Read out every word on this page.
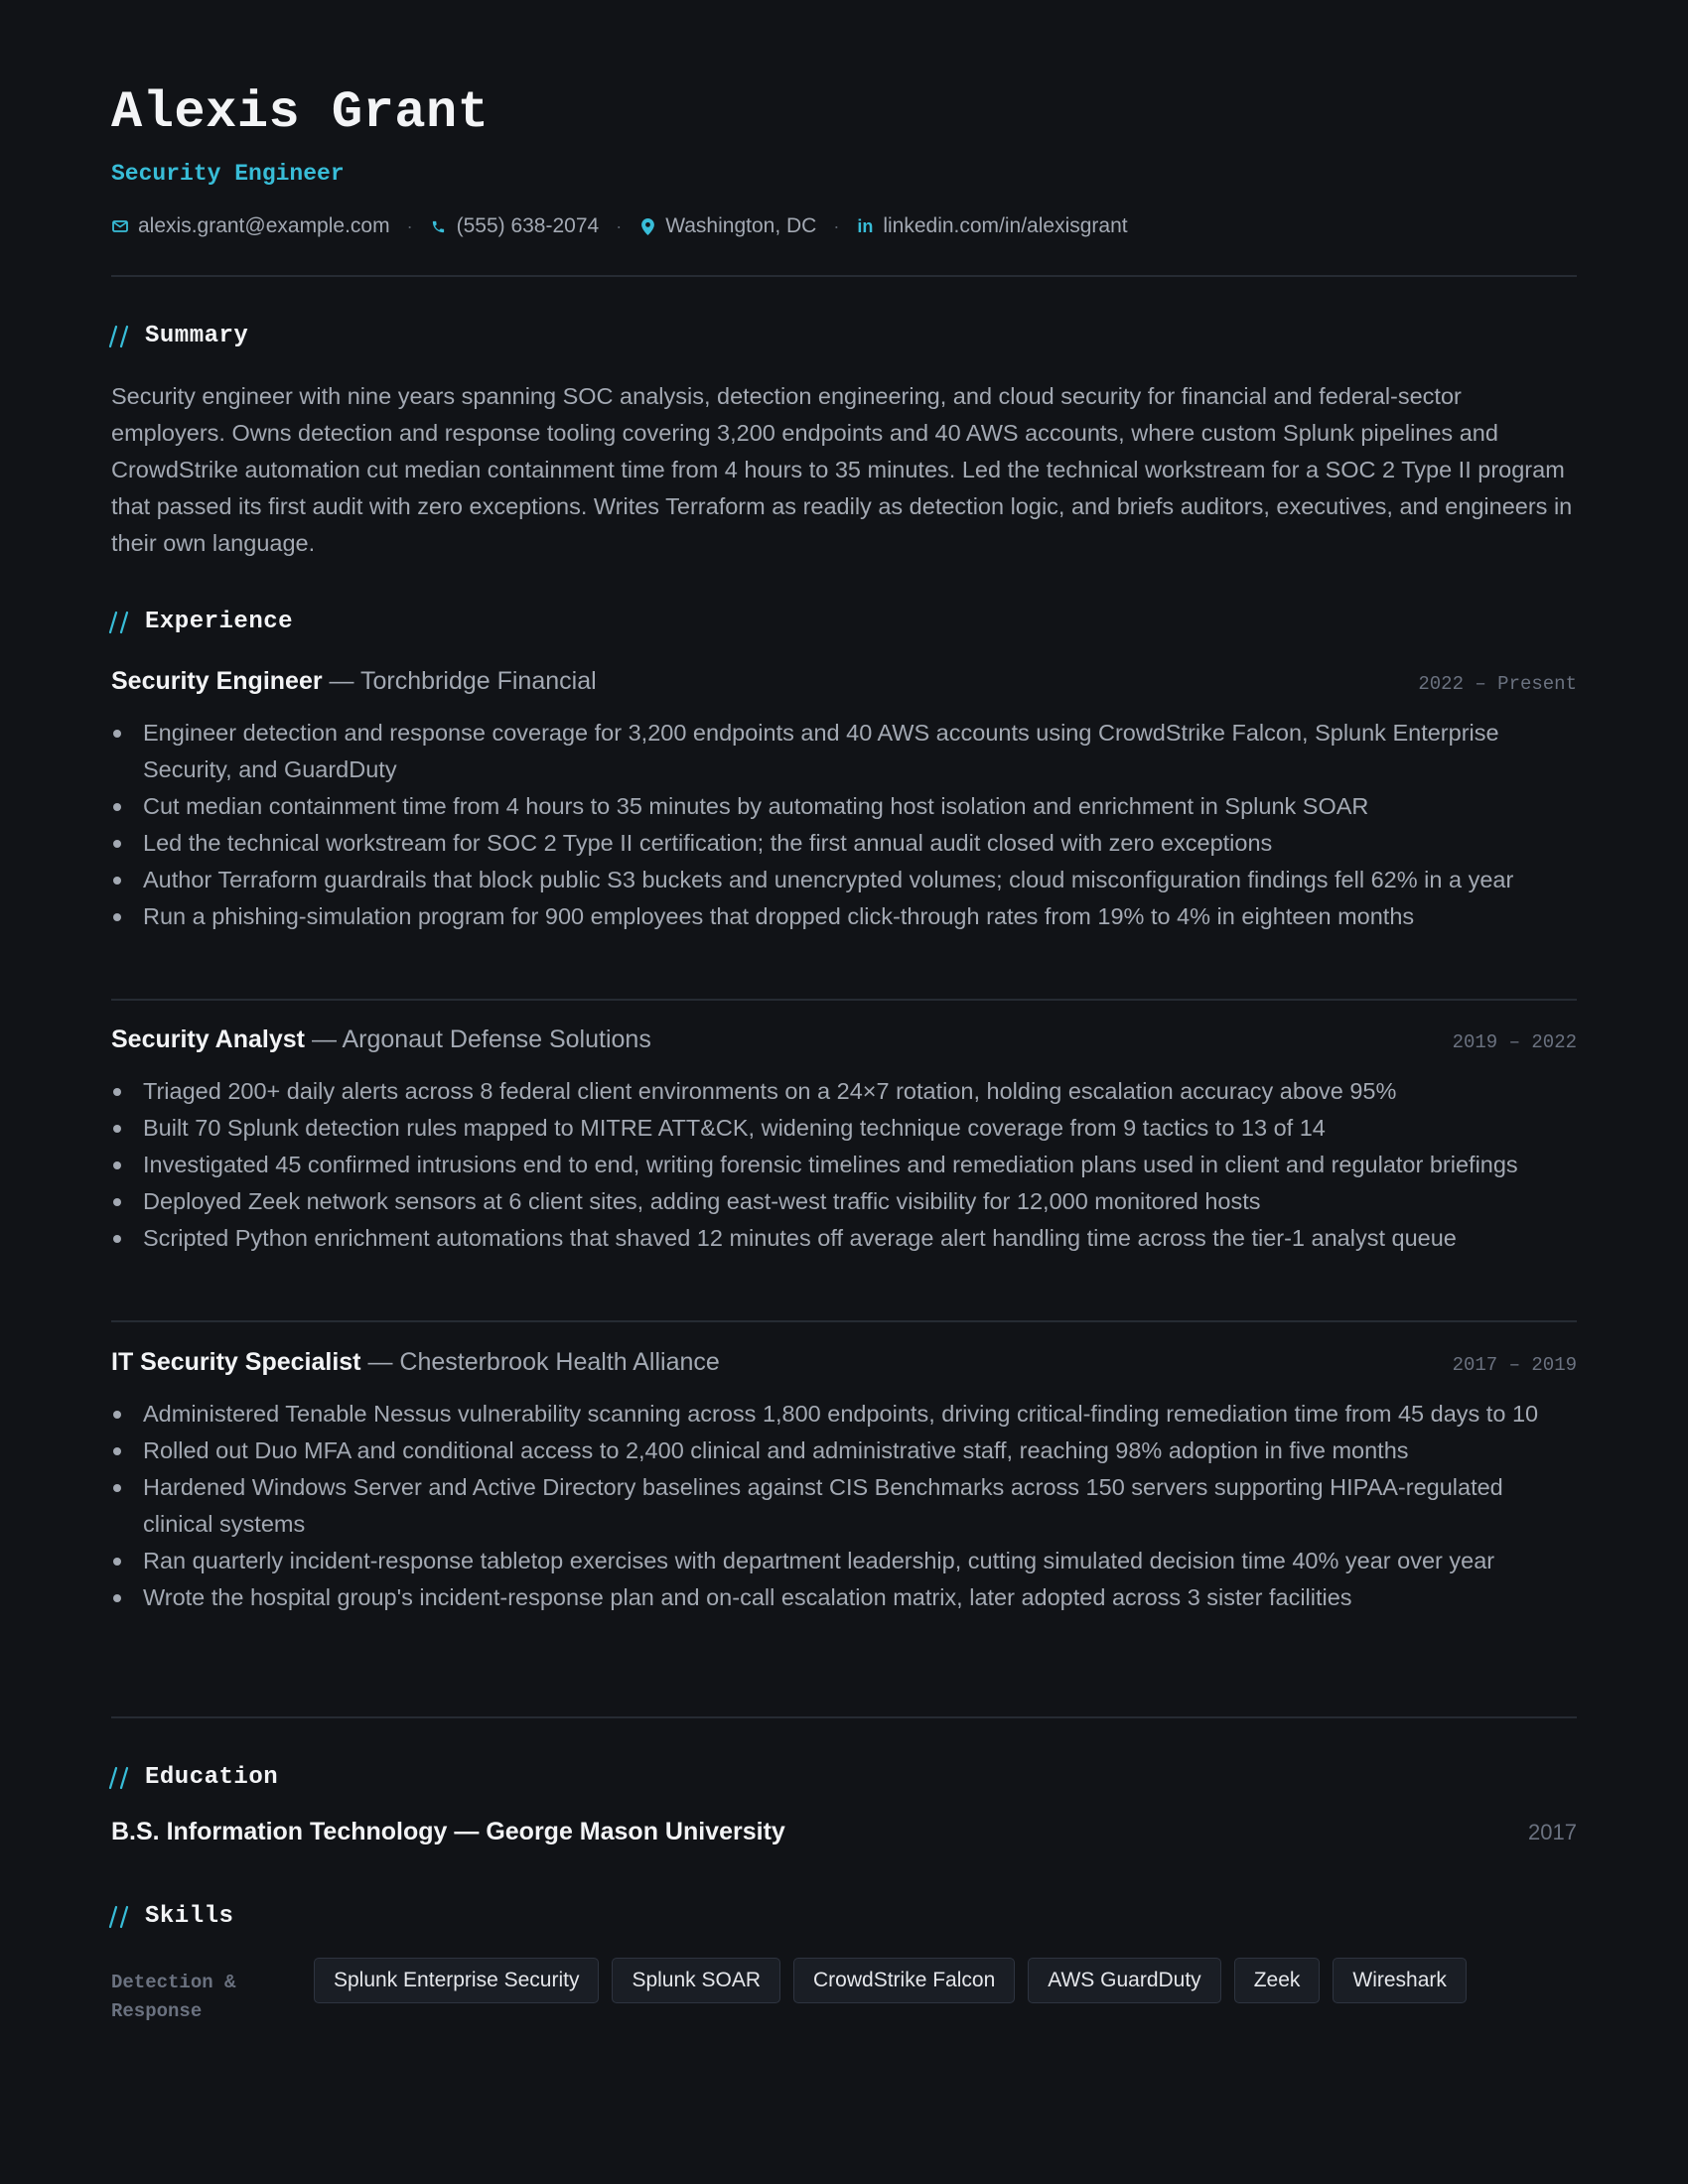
Alexis Grant
Security Engineer
alexis.grant@example.com · (555) 638-2074 · Washington, DC · in linkedin.com/in/alexisgrant
Summary

Security engineer with nine years spanning SOC analysis, detection engineering, and cloud security for financial and federal-sector employers. Owns detection and response tooling covering 3,200 endpoints and 40 AWS accounts, where custom Splunk pipelines and CrowdStrike automation cut median containment time from 4 hours to 35 minutes. Led the technical workstream for a SOC 2 Type II program that passed its first audit with zero exceptions. Writes Terraform as readily as detection logic, and briefs auditors, executives, and engineers in their own language.

Experience
Security Engineer — Torchbridge Financial	2022 – Present
Engineer detection and response coverage for 3,200 endpoints and 40 AWS accounts using CrowdStrike Falcon, Splunk Enterprise Security, and GuardDuty
Cut median containment time from 4 hours to 35 minutes by automating host isolation and enrichment in Splunk SOAR
Led the technical workstream for SOC 2 Type II certification; the first annual audit closed with zero exceptions
Author Terraform guardrails that block public S3 buckets and unencrypted volumes; cloud misconfiguration findings fell 62% in a year
Run a phishing-simulation program for 900 employees that dropped click-through rates from 19% to 4% in eighteen months
Security Analyst — Argonaut Defense Solutions	2019 – 2022
Triaged 200+ daily alerts across 8 federal client environments on a 24×7 rotation, holding escalation accuracy above 95%
Built 70 Splunk detection rules mapped to MITRE ATT&CK, widening technique coverage from 9 tactics to 13 of 14
Investigated 45 confirmed intrusions end to end, writing forensic timelines and remediation plans used in client and regulator briefings
Deployed Zeek network sensors at 6 client sites, adding east-west traffic visibility for 12,000 monitored hosts
Scripted Python enrichment automations that shaved 12 minutes off average alert handling time across the tier-1 analyst queue
IT Security Specialist — Chesterbrook Health Alliance	2017 – 2019
Administered Tenable Nessus vulnerability scanning across 1,800 endpoints, driving critical-finding remediation time from 45 days to 10
Rolled out Duo MFA and conditional access to 2,400 clinical and administrative staff, reaching 98% adoption in five months
Hardened Windows Server and Active Directory baselines against CIS Benchmarks across 150 servers supporting HIPAA-regulated clinical systems
Ran quarterly incident-response tabletop exercises with department leadership, cutting simulated decision time 40% year over year
Wrote the hospital group's incident-response plan and on-call escalation matrix, later adopted across 3 sister facilities
Education
B.S. Information Technology — George Mason University	2017
Skills
Detection & Response
Splunk Enterprise Security	Splunk SOAR	CrowdStrike Falcon	AWS GuardDuty	Zeek	Wireshark
